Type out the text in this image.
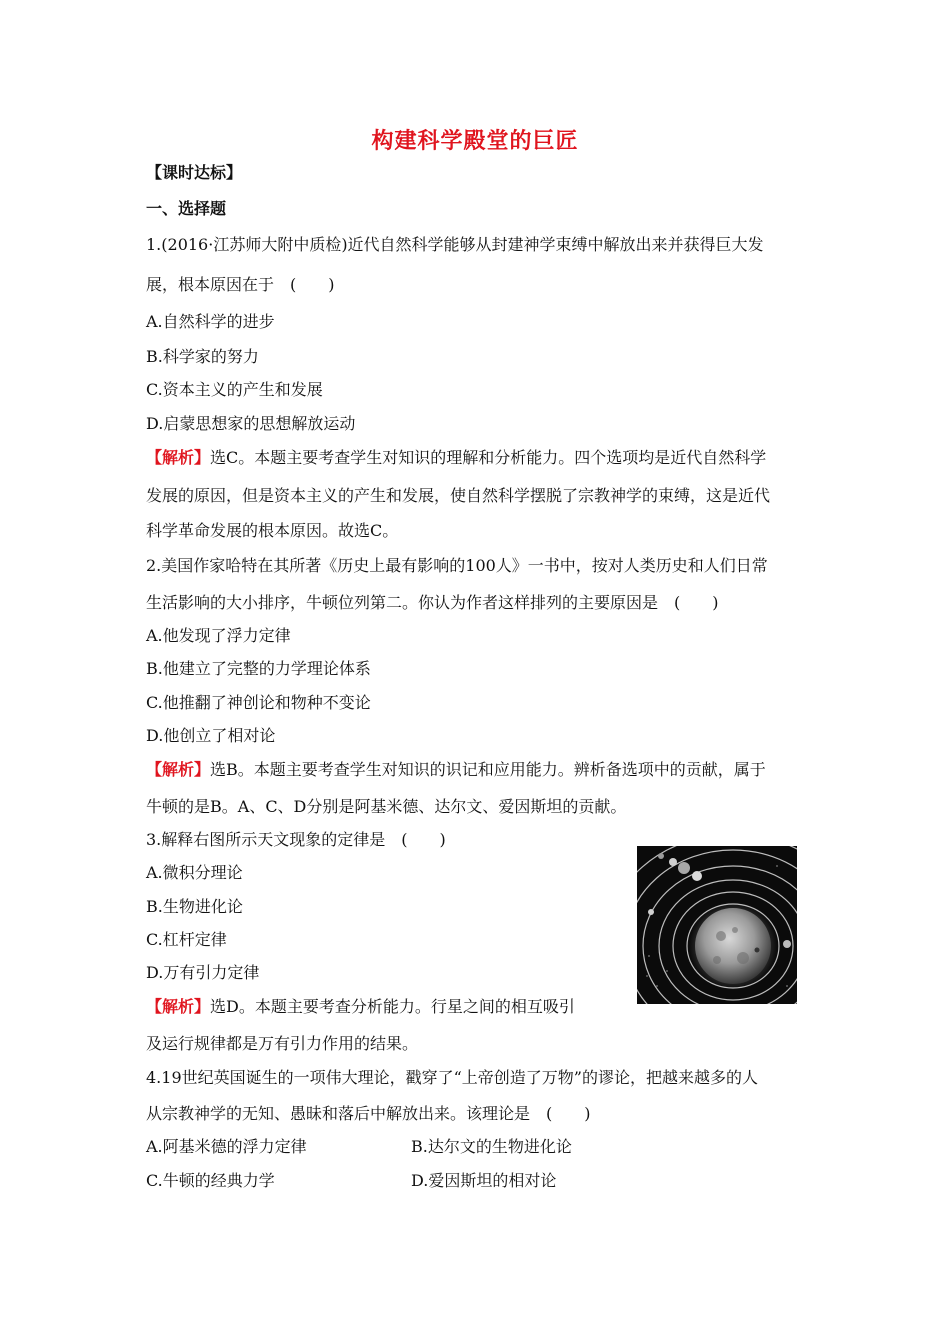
构建科学殿堂的巨匠
【课时达标】
一、选择题
1.(2016·江苏师大附中质检)近代自然科学能够从封建神学束缚中解放出来并获得巨大发
展，根本原因在于　(　　)
A.自然科学的进步
B.科学家的努力
C.资本主义的产生和发展
D.启蒙思想家的思想解放运动
【解析】选C。本题主要考查学生对知识的理解和分析能力。四个选项均是近代自然科学
发展的原因，但是资本主义的产生和发展，使自然科学摆脱了宗教神学的束缚，这是近代
科学革命发展的根本原因。故选C。
2.美国作家哈特在其所著《历史上最有影响的100人》一书中，按对人类历史和人们日常
生活影响的大小排序，牛顿位列第二。你认为作者这样排列的主要原因是　(　　)
A.他发现了浮力定律
B.他建立了完整的力学理论体系
C.他推翻了神创论和物种不变论
D.他创立了相对论
【解析】选B。本题主要考查学生对知识的识记和应用能力。辨析备选项中的贡献，属于
牛顿的是B。A、C、D分别是阿基米德、达尔文、爱因斯坦的贡献。
3.解释右图所示天文现象的定律是　(　　)
A.微积分理论
B.生物进化论
C.杠杆定律
D.万有引力定律
【解析】选D。本题主要考查分析能力。行星之间的相互吸引
及运行规律都是万有引力作用的结果。
4.19世纪英国诞生的一项伟大理论，戳穿了“上帝创造了万物”的谬论，把越来越多的人
从宗教神学的无知、愚昧和落后中解放出来。该理论是　(　　)
A.阿基米德的浮力定律	B.达尔文的生物进化论
C.牛顿的经典力学	D.爱因斯坦的相对论
